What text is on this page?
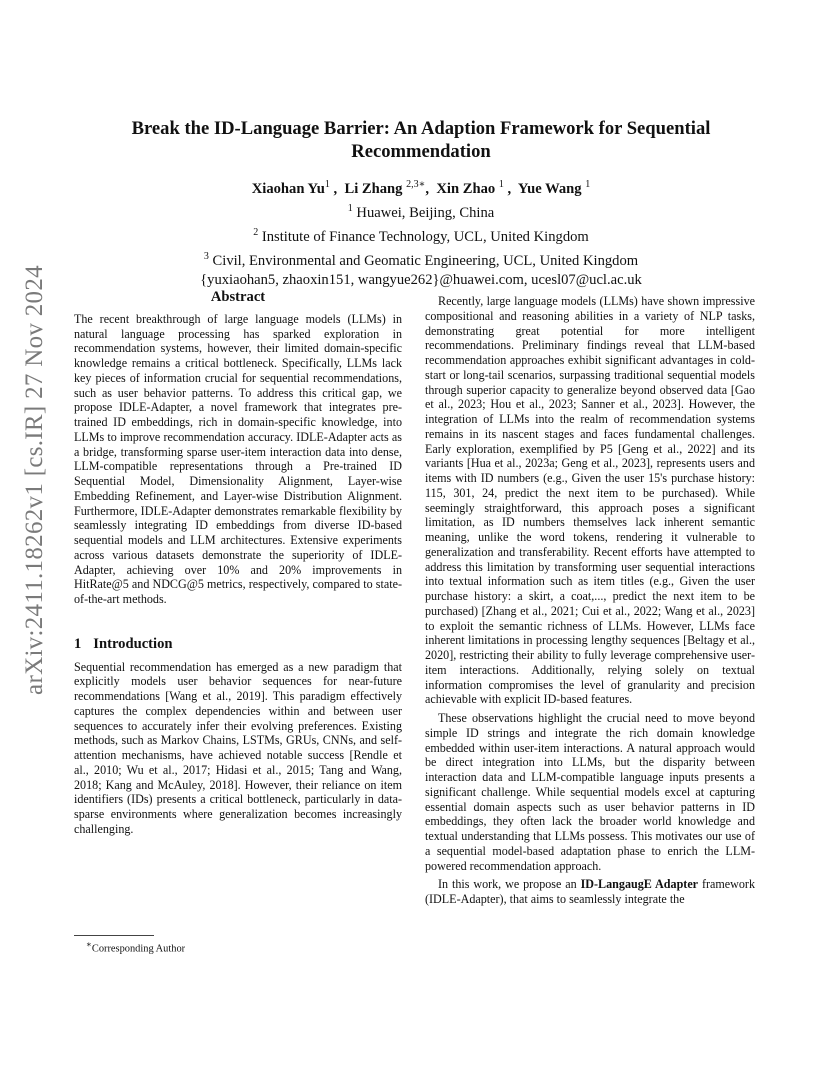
arXiv:2411.18262v1 [cs.IR] 27 Nov 2024
Break the ID-Language Barrier: An Adaption Framework for Sequential
Recommendation
Xiaohan Yu$^1$ ,  Li Zhang $^{2,3∗}$,  Xin Zhao $^1$ ,  Yue Wang $^1$
$^1$ Huawei, Beijing, China
$^2$ Institute of Finance Technology, UCL, United Kingdom
$^3$ Civil, Environmental and Geomatic Engineering, UCL, United Kingdom
{yuxiaohan5, zhaoxin151, wangyue262}@huawei.com, ucesl07@ucl.ac.uk
Abstract

The recent breakthrough of large language models (LLMs) in natural language processing has sparked exploration in recommendation systems, however, their limited domain-specific knowledge remains a critical bottleneck. Specifically, LLMs lack key pieces of information crucial for sequential recommendations, such as user behavior patterns. To address this critical gap, we propose IDLE-Adapter, a novel framework that integrates pre-trained ID embeddings, rich in domain-specific knowledge, into LLMs to improve recommendation accuracy. IDLE-Adapter acts as a bridge, transforming sparse user-item interaction data into dense, LLM-compatible representations through a Pre-trained ID Sequential Model, Dimensionality Alignment, Layer-wise Embedding Refinement, and Layer-wise Distribution Alignment. Furthermore, IDLE-Adapter demonstrates remarkable flexibility by seamlessly integrating ID embeddings from diverse ID-based sequential models and LLM architectures. Extensive experiments across various datasets demonstrate the superiority of IDLE-Adapter, achieving over 10% and 20% improvements in HitRate@5 and NDCG@5 metrics, respectively, compared to state-of-the-art methods.

1 Introduction

Sequential recommendation has emerged as a new paradigm that explicitly models user behavior sequences for near-future recommendations [Wang et al., 2019]. This paradigm effectively captures the complex dependencies within and between user sequences to accurately infer their evolving preferences. Existing methods, such as Markov Chains, LSTMs, GRUs, CNNs, and self-attention mechanisms, have achieved notable success [Rendle et al., 2010; Wu et al., 2017; Hidasi et al., 2015; Tang and Wang, 2018; Kang and McAuley, 2018]. However, their reliance on item identifiers (IDs) presents a critical bottleneck, particularly in data-sparse environments where generalization becomes increasingly challenging.

Recently, large language models (LLMs) have shown impressive compositional and reasoning abilities in a variety of NLP tasks, demonstrating great potential for more intelligent recommendations. Preliminary findings reveal that LLM-based recommendation approaches exhibit significant advantages in cold-start or long-tail scenarios, surpassing traditional sequential models through superior capacity to generalize beyond observed data [Gao et al., 2023; Hou et al., 2023; Sanner et al., 2023]. However, the integration of LLMs into the realm of recommendation systems remains in its nascent stages and faces fundamental challenges. Early exploration, exemplified by P5 [Geng et al., 2022] and its variants [Hua et al., 2023a; Geng et al., 2023], represents users and items with ID numbers (e.g., Given the user 15's purchase history: 115, 301, 24, predict the next item to be purchased). While seemingly straightforward, this approach poses a significant limitation, as ID numbers themselves lack inherent semantic meaning, unlike the word tokens, rendering it vulnerable to generalization and transferability. Recent efforts have attempted to address this limitation by transforming user sequential interactions into textual information such as item titles (e.g., Given the user purchase history: a skirt, a coat,..., predict the next item to be purchased) [Zhang et al., 2021; Cui et al., 2022; Wang et al., 2023] to exploit the semantic richness of LLMs. However, LLMs face inherent limitations in processing lengthy sequences [Beltagy et al., 2020], restricting their ability to fully leverage comprehensive user-item interactions. Additionally, relying solely on textual information compromises the level of granularity and precision achievable with explicit ID-based features.

These observations highlight the crucial need to move beyond simple ID strings and integrate the rich domain knowledge embedded within user-item interactions. A natural approach would be direct integration into LLMs, but the disparity between interaction data and LLM-compatible language inputs presents a significant challenge. While sequential models excel at capturing essential domain aspects such as user behavior patterns in ID embeddings, they often lack the broader world knowledge and textual understanding that LLMs possess. This motivates our use of a sequential model-based adaptation phase to enrich the LLM-powered recommendation approach.

In this work, we propose an ID-LangaugE Adapter framework (IDLE-Adapter), that aims to seamlessly integrate the

∗Corresponding Author
